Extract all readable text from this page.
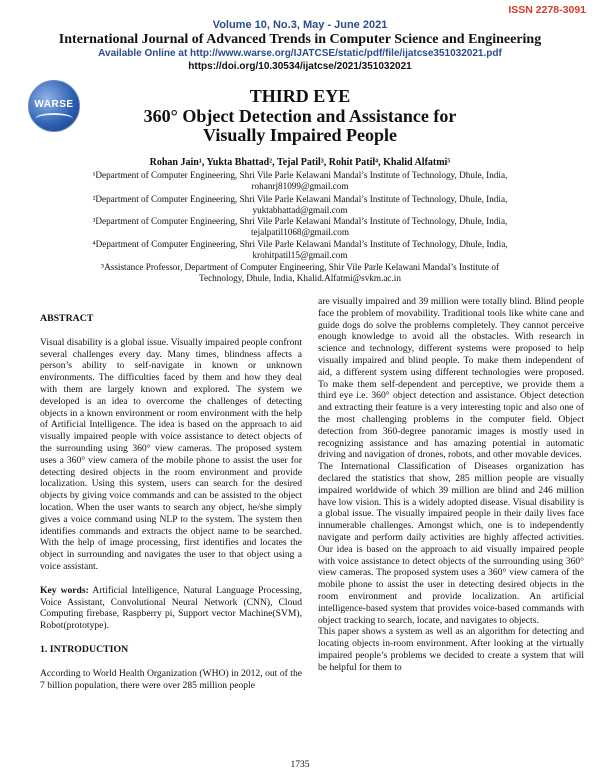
ISSN 2278-3091
Volume 10, No.3, May - June 2021
International Journal of Advanced Trends in Computer Science and Engineering
Available Online at http://www.warse.org/IJATCSE/static/pdf/file/ijatcse351032021.pdf
https://doi.org/10.30534/ijatcse/2021/351032021
WARSE	THIRD EYE
360° Object Detection and Assistance for
Visually Impaired People
Rohan Jain¹, Yukta Bhattad², Tejal Patil³, Rohit Patil⁴, Khalid Alfatmi⁵
¹Department of Computer Engineering, Shri Vile Parle Kelawani Mandal’s Institute of Technology, Dhule, India,
rohanrj81099@gmail.com
²Department of Computer Engineering, Shri Vile Parle Kelawani Mandal’s Institute of Technology, Dhule, India,
yuktabhattad@gmail.com
³Department of Computer Engineering, Shri Vile Parle Kelawani Mandal’s Institute of Technology, Dhule, India,
tejalpatil1068@gmail.com
⁴Department of Computer Engineering, Shri Vile Parle Kelawani Mandal’s Institute of Technology, Dhule, India,
krohitpatil15@gmail.com
⁵Assistance Professor, Department of Computer Engineering, Shir Vile Parle Kelawani Mandal’s Institute of
Technology, Dhule, India, Khalid.Alfatmi@svkm.ac.in

ABSTRACT

Visual disability is a global issue. Visually impaired people confront several challenges every day. Many times, blindness affects a person’s ability to self-navigate in known or unknown environments. The difficulties faced by them and how they deal with them are largely known and explored. The system we developed is an idea to overcome the challenges of detecting objects in a known environment or room environment with the help of Artificial Intelligence. The idea is based on the approach to aid visually impaired people with voice assistance to detect objects of the surrounding using 360° view cameras. The proposed system uses a 360° view camera of the mobile phone to assist the user for detecting desired objects in the room environment and provide localization. Using this system, users can search for the desired objects by giving voice commands and can be assisted to the object location. When the user wants to search any object, he/she simply gives a voice command using NLP to the system. The system then identifies commands and extracts the object name to be searched. With the help of image processing, first identifies and locates the object in surrounding and navigates the user to that object using a voice assistant.

Key words: Artificial Intelligence, Natural Language Processing, Voice Assistant, Convolutional Neural Network (CNN), Cloud Computing firebase, Raspberry pi, Support vector Machine(SVM), Robot(prototype).

1. INTRODUCTION

According to World Health Organization (WHO) in 2012, out of the 7 billion population, there were over 285 million people

are visually impaired and 39 million were totally blind. Blind people face the problem of movability. Traditional tools like white cane and guide dogs do solve the problems completely. They cannot perceive enough knowledge to avoid all the obstacles. With research in science and technology, different systems were proposed to help visually impaired and blind people. To make them independent of aid, a different system using different technologies were proposed. To make them self-dependent and perceptive, we provide them a third eye i.e. 360° object detection and assistance. Object detection and extracting their feature is a very interesting topic and also one of the most challenging problems in the computer field. Object detection from 360-degree panoramic images is mostly used in recognizing assistance and has amazing potential in automatic driving and navigation of drones, robots, and other movable devices.

The International Classification of Diseases organization has declared the statistics that show, 285 million people are visually impaired worldwide of which 39 million are blind and 246 million have low vision. This is a widely adopted disease. Visual disability is a global issue. The visually impaired people in their daily lives face innumerable challenges. Amongst which, one is to independently navigate and perform daily activities are highly affected activities. Our idea is based on the approach to aid visually impaired people with voice assistance to detect objects of the surrounding using 360° view cameras. The proposed system uses a 360° view camera of the mobile phone to assist the user in detecting desired objects in the room environment and provide localization. An artificial intelligence-based system that provides voice-based commands with object tracking to search, locate, and navigates to objects.

This paper shows a system as well as an algorithm for detecting and locating objects in-room environment. After looking at the virtually impaired people’s problems we decided to create a system that will be helpful for them to

1735
